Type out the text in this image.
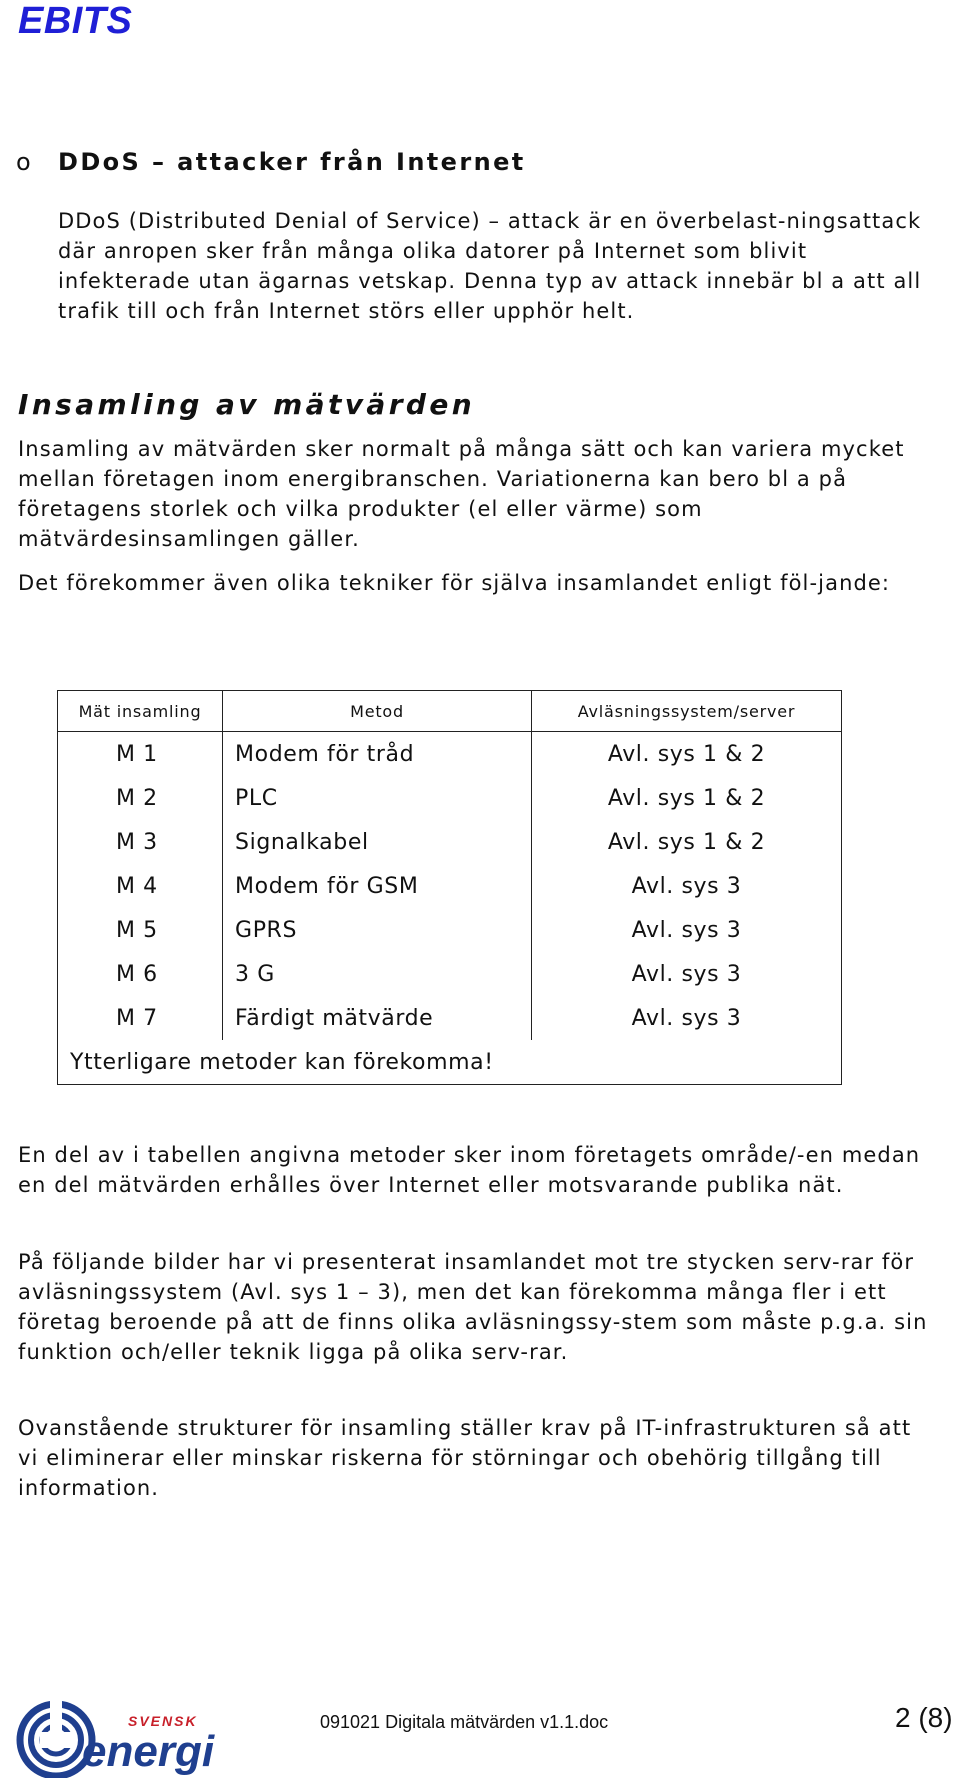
EBITS
o DDoS – attacker från Internet

DDoS (Distributed Denial of Service) – attack är en överbelast-ningsattack där anropen sker från många olika datorer på Internet som blivit infekterade utan ägarnas vetskap. Denna typ av attack innebär bl a att all trafik till och från Internet störs eller upphör helt.

Insamling av mätvärden

Insamling av mätvärden sker normalt på många sätt och kan variera mycket mellan företagen inom energibranschen. Variationerna kan bero bl a på företagens storlek och vilka produkter (el eller värme) som mätvärdesinsamlingen gäller.

Det förekommer även olika tekniker för själva insamlandet enligt föl-jande:

Mät insamling	Metod	Avläsningssystem/server
M 1	Modem för tråd	Avl. sys 1 & 2
M 2	PLC	Avl. sys 1 & 2
M 3	Signalkabel	Avl. sys 1 & 2
M 4	Modem för GSM	Avl. sys 3
M 5	GPRS	Avl. sys 3
M 6	3 G	Avl. sys 3
M 7	Färdigt mätvärde	Avl. sys 3
Ytterligare metoder kan förekomma!		

En del av i tabellen angivna metoder sker inom företagets område/-en medan en del mätvärden erhålles över Internet eller motsvarande publika nät.

På följande bilder har vi presenterat insamlandet mot tre stycken serv-rar för avläsningssystem (Avl. sys 1 – 3), men det kan förekomma många fler i ett företag beroende på att de finns olika avläsningssy-stem som måste p.g.a. sin funktion och/eller teknik ligga på olika serv-rar.

Ovanstående strukturer för insamling ställer krav på IT-infrastrukturen så att vi eliminerar eller minskar riskerna för störningar och obehörig tillgång till information.

SVENSK
energi
091021 Digitala mätvärden v1.1.doc	2 (8)
